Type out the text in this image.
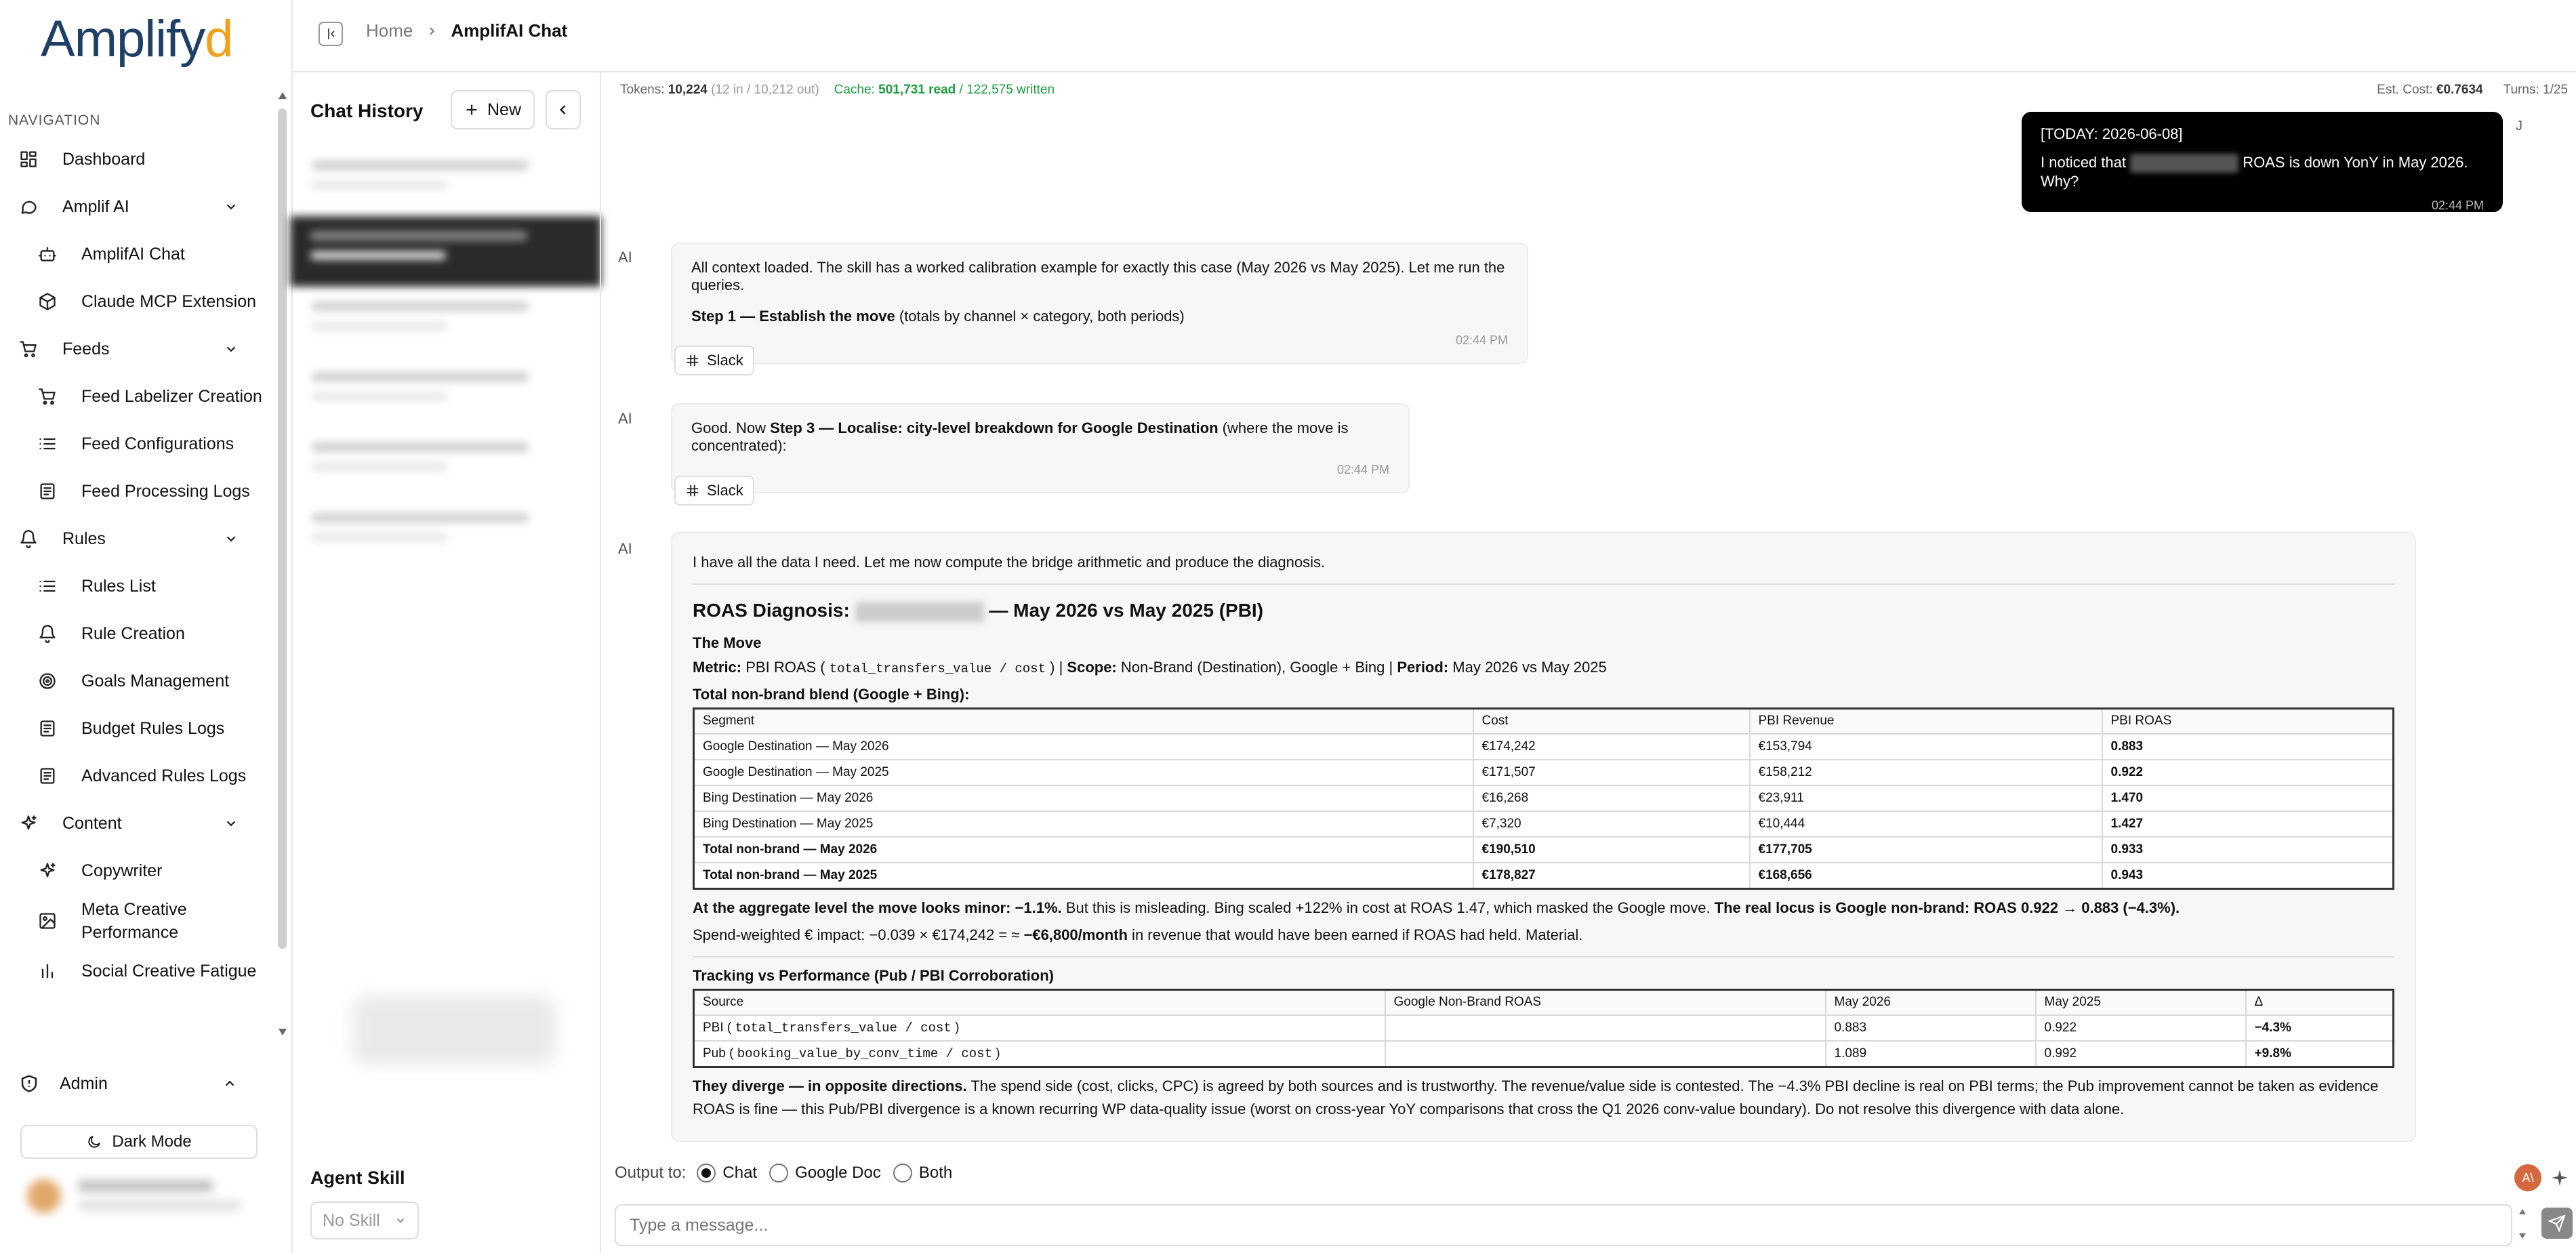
Amplifyd
NAVIGATION
Dashboard
Amplif AI
AmplifAI Chat
Claude MCP Extension
Feeds
Feed Labelizer Creation
Feed Configurations
Feed Processing Logs
Rules
Rules List
Rule Creation
Goals Management
Budget Rules Logs
Advanced Rules Logs
Content
Copywriter
Meta Creative Performance
Social Creative Fatigue
Admin
Dark Mode
Home AmplifAI Chat
Chat History	New
Agent Skill
No Skill
Tokens: 10,224 (12 in / 10,212 out) Cache: 501,731 read / 122,575 written	Est. Cost: €0.7634 Turns: 1/25
[TODAY: 2026-06-08]
I noticed that	ROAS is down YonY in May 2026. Why?
02:44 PM
J
AI
All context loaded. The skill has a worked calibration example for exactly this case (May 2026 vs May 2025). Let me run the queries.
Step 1 — Establish the move (totals by channel × category, both periods)
02:44 PM
Slack
AI
Good. Now Step 3 — Localise: city-level breakdown for Google Destination (where the move is concentrated):
02:44 PM
Slack
AI

I have all the data I need. Let me now compute the bridge arithmetic and produce the diagnosis.

ROAS Diagnosis:	— May 2026 vs May 2025 (PBI)
The Move

Metric: PBI ROAS ( total_transfers_value / cost ) | Scope: Non-Brand (Destination), Google + Bing | Period: May 2026 vs May 2025

Total non-brand blend (Google + Bing):
Segment	Cost	PBI Revenue	PBI ROAS
Google Destination — May 2026	€174,242	€153,794	0.883
Google Destination — May 2025	€171,507	€158,212	0.922
Bing Destination — May 2026	€16,268	€23,911	1.470
Bing Destination — May 2025	€7,320	€10,444	1.427
Total non-brand — May 2026	€190,510	€177,705	0.933
Total non-brand — May 2025	€178,827	€168,656	0.943

At the aggregate level the move looks minor: −1.1%. But this is misleading. Bing scaled +122% in cost at ROAS 1.47, which masked the Google move. The real locus is Google non-brand: ROAS 0.922 → 0.883 (−4.3%).

Spend-weighted € impact: −0.039 × €174,242 = ≈ −€6,800/month in revenue that would have been earned if ROAS had held. Material.

Tracking vs Performance (Pub / PBI Corroboration)
Source	Google Non-Brand ROAS	May 2026	May 2025	Δ
PBI ( total_transfers_value / cost )		0.883	0.922	−4.3%
Pub ( booking_value_by_conv_time / cost )		1.089	0.992	+9.8%

They diverge — in opposite directions. The spend side (cost, clicks, CPC) is agreed by both sources and is trustworthy. The revenue/value side is contested. The −4.3% PBI decline is real on PBI terms; the Pub improvement cannot be taken as evidence ROAS is fine — this Pub/PBI divergence is a known recurring WP data-quality issue (worst on cross-year YoY comparisons that cross the Q1 2026 conv-value boundary). Do not resolve this divergence with data alone.

Output to: Chat Google Doc Both	A\
Type a message...
